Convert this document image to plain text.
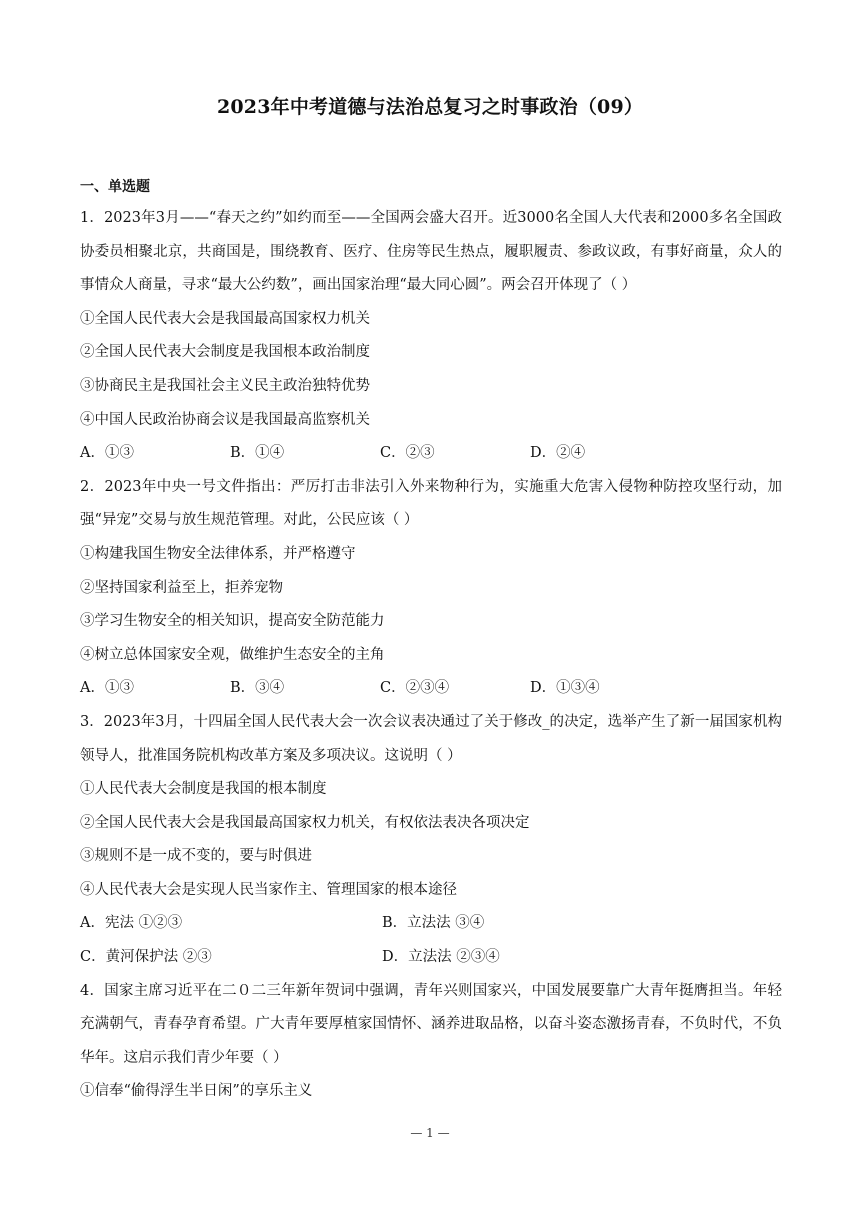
2023年中考道德与法治总复习之时事政治（09）
一、单选题
1．2023年3月——“春天之约”如约而至——全国两会盛大召开。近3000名全国人大代表和2000多名全国政协委员相聚北京，共商国是，围绕教育、医疗、住房等民生热点，履职履责、参政议政，有事好商量，众人的事情众人商量，寻求“最大公约数”，画出国家治理“最大同心圆”。两会召开体现了（ ）
①全国人民代表大会是我国最高国家权力机关
②全国人民代表大会制度是我国根本政治制度
③协商民主是我国社会主义民主政治独特优势
④中国人民政治协商会议是我国最高监察机关
A．①③	B．①④	C．②③	D．②④
2．2023年中央一号文件指出：严厉打击非法引入外来物种行为，实施重大危害入侵物种防控攻坚行动，加强“异宠”交易与放生规范管理。对此，公民应该（ ）
①构建我国生物安全法律体系，并严格遵守
②坚持国家利益至上，拒养宠物
③学习生物安全的相关知识，提高安全防范能力
④树立总体国家安全观，做维护生态安全的主角
A．①③	B．③④	C．②③④	D．①③④
3．2023年3月，十四届全国人民代表大会一次会议表决通过了关于修改_的决定，选举产生了新一届国家机构领导人，批准国务院机构改革方案及多项决议。这说明（ ）
①人民代表大会制度是我国的根本制度
②全国人民代表大会是我国最高国家权力机关，有权依法表决各项决定
③规则不是一成不变的，要与时俱进
④人民代表大会是实现人民当家作主、管理国家的根本途径
A．宪法 ①②③	B．立法法 ③④
C．黄河保护法 ②③	D．立法法 ②③④
4．国家主席习近平在二０二三年新年贺词中强调，青年兴则国家兴，中国发展要靠广大青年挺膺担当。年轻充满朝气，青春孕育希望。广大青年要厚植家国情怀、涵养进取品格，以奋斗姿态激扬青春，不负时代，不负华年。这启示我们青少年要（ ）
①信奉“偷得浮生半日闲”的享乐主义
— 1 —
